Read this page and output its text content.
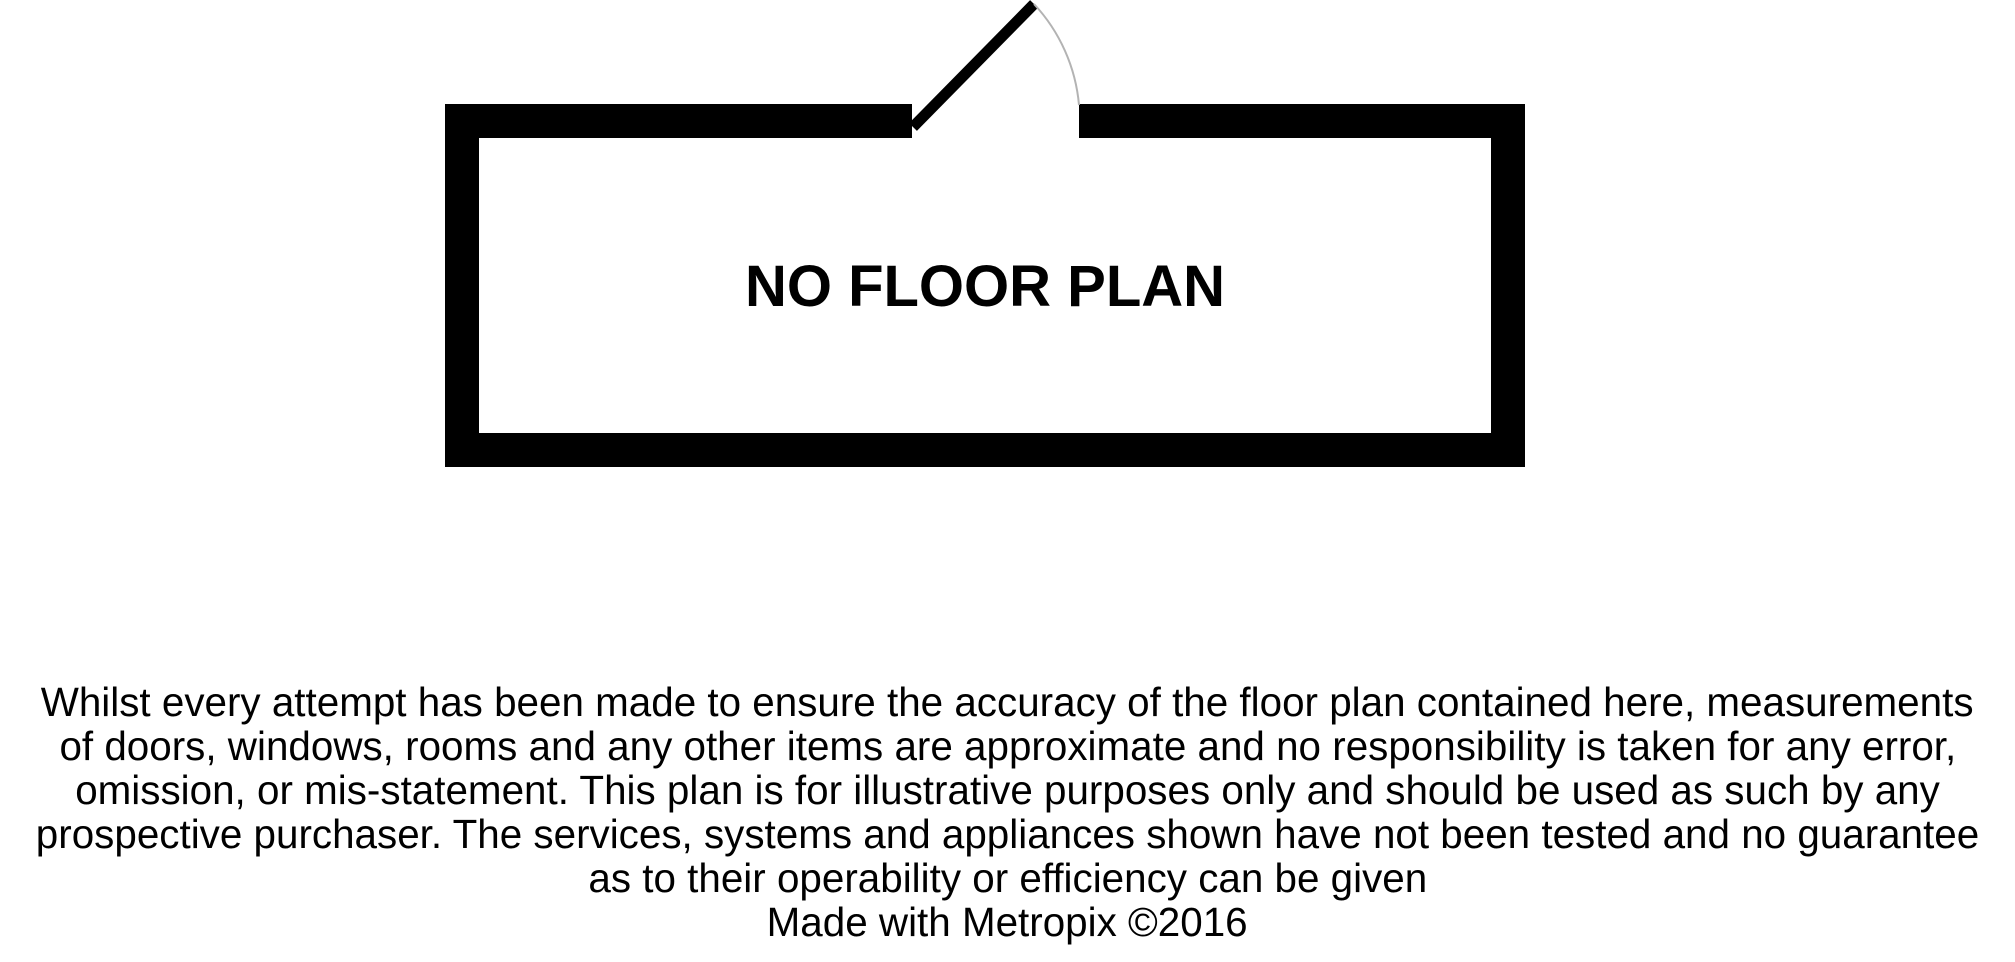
NO FLOOR PLAN
Whilst every attempt has been made to ensure the accuracy of the floor plan contained here, measurements
of doors, windows, rooms and any other items are approximate and no responsibility is taken for any error,
omission, or mis-statement. This plan is for illustrative purposes only and should be used as such by any
prospective purchaser. The services, systems and appliances shown have not been tested and no guarantee
as to their operability or efficiency can be given
Made with Metropix ©2016
